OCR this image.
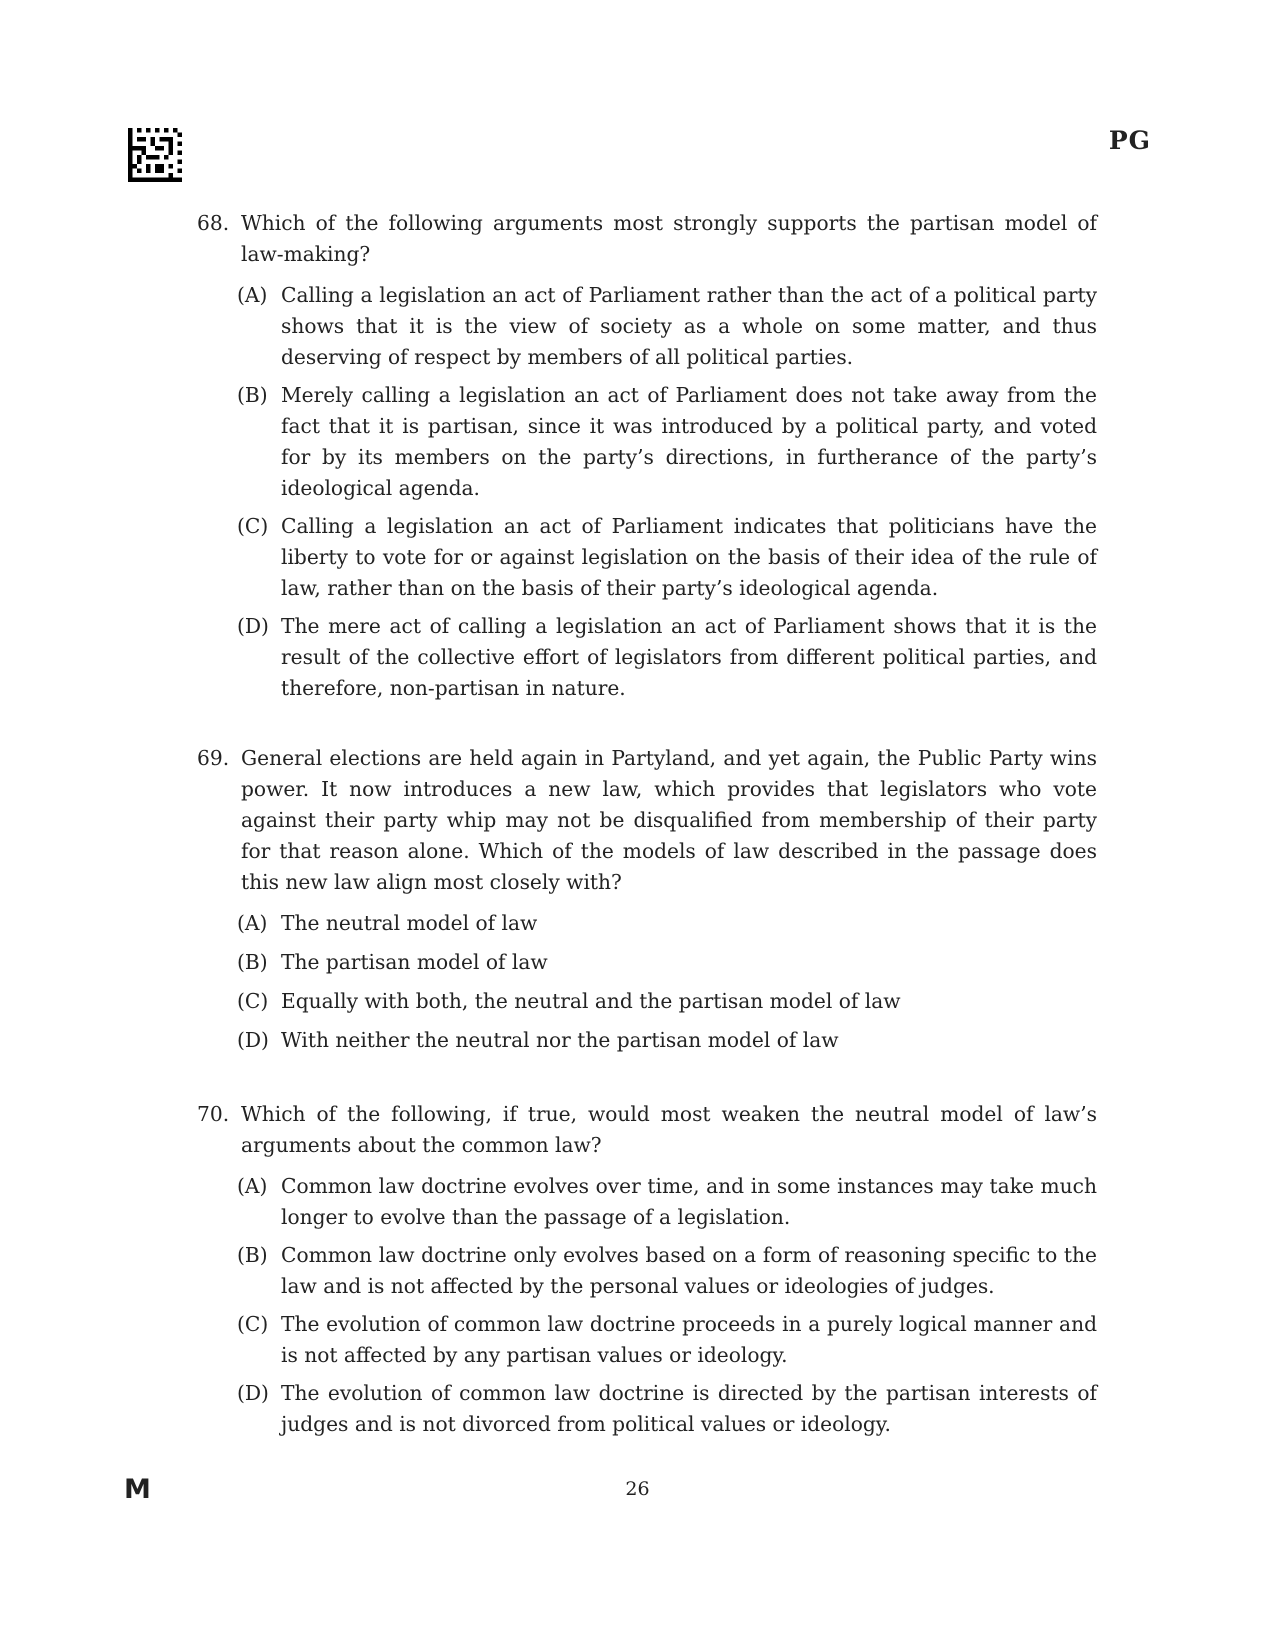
PG
68. Which of the following arguments most strongly supports the partisan model of law-making?
(A) Calling a legislation an act of Parliament rather than the act of a political party shows that it is the view of society as a whole on some matter, and thus deserving of respect by members of all political parties.
(B) Merely calling a legislation an act of Parliament does not take away from the fact that it is partisan, since it was introduced by a political party, and voted for by its members on the party’s directions, in furtherance of the party’s ideological agenda.
(C) Calling a legislation an act of Parliament indicates that politicians have the liberty to vote for or against legislation on the basis of their idea of the rule of law, rather than on the basis of their party’s ideological agenda.
(D) The mere act of calling a legislation an act of Parliament shows that it is the result of the collective effort of legislators from different political parties, and therefore, non-partisan in nature.
69. General elections are held again in Partyland, and yet again, the Public Party wins power. It now introduces a new law, which provides that legislators who vote against their party whip may not be disqualified from membership of their party for that reason alone. Which of the models of law described in the passage does this new law align most closely with?
(A) The neutral model of law
(B) The partisan model of law
(C) Equally with both, the neutral and the partisan model of law
(D) With neither the neutral nor the partisan model of law
70. Which of the following, if true, would most weaken the neutral model of law’s arguments about the common law?
(A) Common law doctrine evolves over time, and in some instances may take much longer to evolve than the passage of a legislation.
(B) Common law doctrine only evolves based on a form of reasoning specific to the law and is not affected by the personal values or ideologies of judges.
(C) The evolution of common law doctrine proceeds in a purely logical manner and is not affected by any partisan values or ideology.
(D) The evolution of common law doctrine is directed by the partisan interests of judges and is not divorced from political values or ideology.
M	26
